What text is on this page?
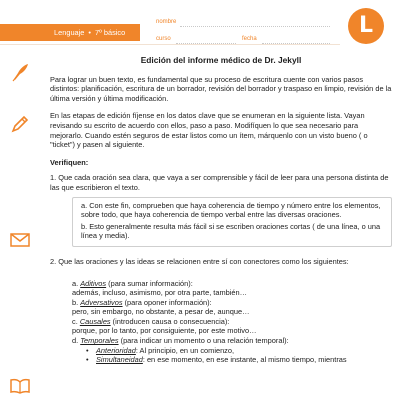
Lenguaje • 7º básico
nombre
curso	fecha
L
Edición del informe médico de Dr. Jekyll

Para lograr un buen texto, es fundamental que su proceso de escritura cuente con varios pasos distintos: planificación, escritura de un borrador, revisión del borrador y traspaso en limpio, revisión de la última versión y última modificación.

En las etapas de edición fíjense en los datos clave que se enumeran en la siguiente lista. Vayan revisando su escrito de acuerdo con ellos, paso a paso. Modifíquen lo que sea necesario para mejorarlo. Cuando estén seguros de estar listos como un ítem, márquenlo con un visto bueno ( o "ticket") y pasen al siguiente.

Verifiquen:

1. Que cada oración sea clara, que vaya a ser comprensible y fácil de leer para una persona distinta de las que escribieron el texto.

a. Con este fin, comprueben que haya coherencia de tiempo y número entre los elementos, sobre todo, que haya coherencia de tiempo verbal entre las diversas oraciones.

b. Esto generalmente resulta más fácil si se escriben oraciones cortas ( de una línea, o una línea y media).

2. Que las oraciones y las ideas se relacionen entre sí con conectores como los siguientes:

a. Aditivos (para sumar información):
además, incluso, asimismo, por otra parte, también…
b. Adversativos (para oponer información):
pero, sin embargo, no obstante, a pesar de, aunque…
c. Causales (introducen causa o consecuencia):
porque, por lo tanto, por consiguiente, por este motivo…
d. Temporales (para indicar un momento o una relación temporal):
• Anterioridad: Al principio, en un comienzo,
• Simultaneidad: en ese momento, en ese instante, al mismo tiempo, mientras
